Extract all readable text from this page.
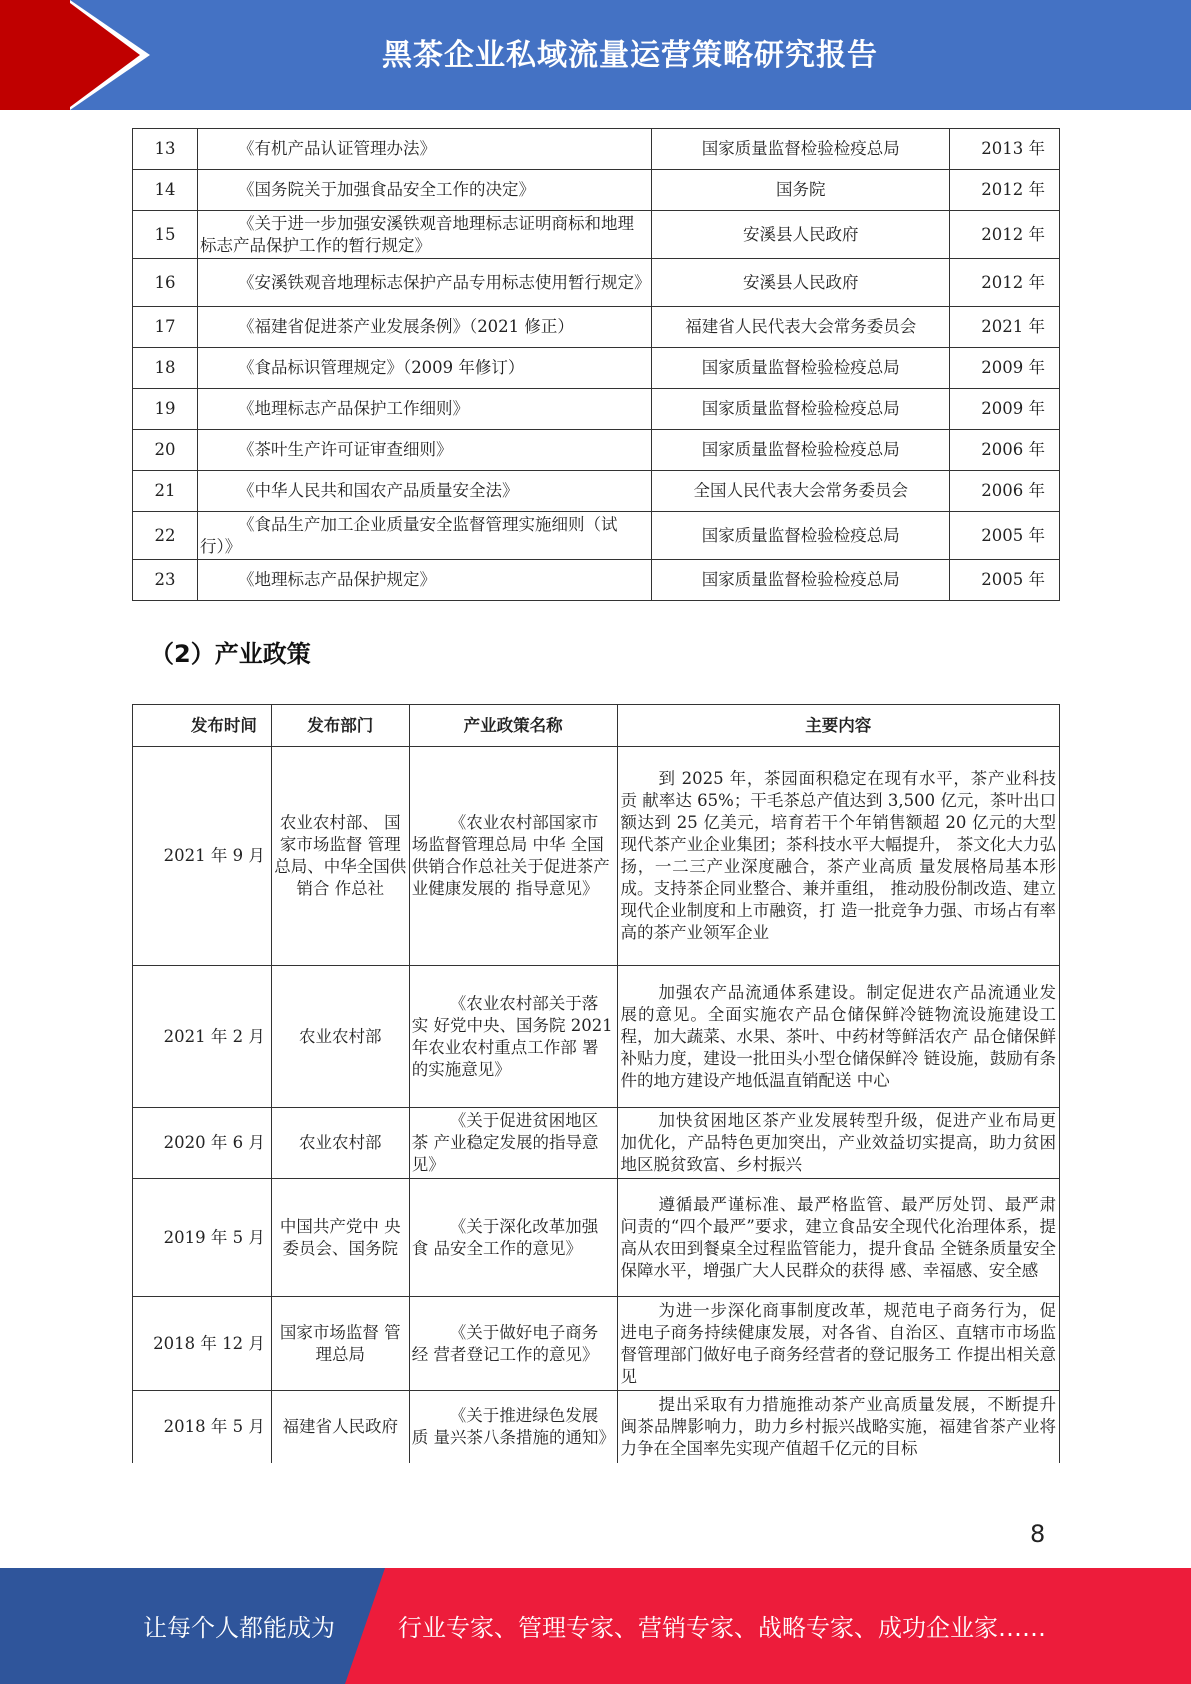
黑茶企业私域流量运营策略研究报告
13	《有机产品认证管理办法》	国家质量监督检验检疫总局	2013 年
14	《国务院关于加强食品安全工作的决定》	国务院	2012 年
15	《关于进一步加强安溪铁观音地理标志证明商标和地理 标志产品保护工作的暂行规定》	安溪县人民政府	2012 年
16	《安溪铁观音地理标志保护产品专用标志使用暂行规定》	安溪县人民政府	2012 年
17	《福建省促进茶产业发展条例》（2021 修正）	福建省人民代表大会常务委员会	2021 年
18	《食品标识管理规定》（2009 年修订）	国家质量监督检验检疫总局	2009 年
19	《地理标志产品保护工作细则》	国家质量监督检验检疫总局	2009 年
20	《茶叶生产许可证审查细则》	国家质量监督检验检疫总局	2006 年
21	《中华人民共和国农产品质量安全法》	全国人民代表大会常务委员会	2006 年
22	《食品生产加工企业质量安全监督管理实施细则（试行）》	国家质量监督检验检疫总局	2005 年
23	《地理标志产品保护规定》	国家质量监督检验检疫总局	2005 年
（2）产业政策
发布时间	发布部门	产业政策名称	主要内容
2021 年 9 月	农业农村部、 国家市场监督 管理总局、中华全国供销合 作总社	《农业农村部国家市场监督管理总局 中华 全国供销合作总社关于促进茶产业健康发展的 指导意见》	到 2025 年，茶园面积稳定在现有水平，茶产业科技贡 献率达 65%；干毛茶总产值达到 3,500 亿元，茶叶出口额达到 25 亿美元，培育若干个年销售额超 20 亿元的大型现代茶产业企业集团；茶科技水平大幅提升， 茶文化大力弘扬，一二三产业深度融合，茶产业高质 量发展格局基本形成。支持茶企同业整合、兼并重组， 推动股份制改造、建立现代企业制度和上市融资，打 造一批竞争力强、市场占有率高的茶产业领军企业
2021 年 2 月	农业农村部	《农业农村部关于落实 好党中央、国务院 2021 年农业农村重点工作部 署的实施意见》	加强农产品流通体系建设。制定促进农产品流通业发 展的意见。全面实施农产品仓储保鲜冷链物流设施建设工程，加大蔬菜、水果、茶叶、中药材等鲜活农产 品仓储保鲜补贴力度，建设一批田头小型仓储保鲜冷 链设施，鼓励有条件的地方建设产地低温直销配送 中心
2020 年 6 月	农业农村部	《关于促进贫困地区茶 产业稳定发展的指导意 见》	加快贫困地区茶产业发展转型升级，促进产业布局更 加优化，产品特色更加突出，产业效益切实提高，助力贫困地区脱贫致富、乡村振兴
2019 年 5 月	中国共产党中 央委员会、国务院	《关于深化改革加强食 品安全工作的意见》	遵循最严谨标准、最严格监管、最严厉处罚、最严肃 问责的“四个最严”要求，建立食品安全现代化治理体系，提高从农田到餐桌全过程监管能力，提升食品 全链条质量安全保障水平，增强广大人民群众的获得 感、幸福感、安全感
2018 年 12 月	国家市场监督 管理总局	《关于做好电子商务经 营者登记工作的意见》	为进一步深化商事制度改革，规范电子商务行为，促 进电子商务持续健康发展，对各省、自治区、直辖市市场监督管理部门做好电子商务经营者的登记服务工 作提出相关意见
2018 年 5 月	福建省人民政府	《关于推进绿色发展质 量兴茶八条措施的通知》	提出采取有力措施推动茶产业高质量发展，不断提升 闽茶品牌影响力，助力乡村振兴战略实施，福建省茶产业将力争在全国率先实现产值超千亿元的目标
8
让每个人都能成为	行业专家、管理专家、营销专家、战略专家、成功企业家……
